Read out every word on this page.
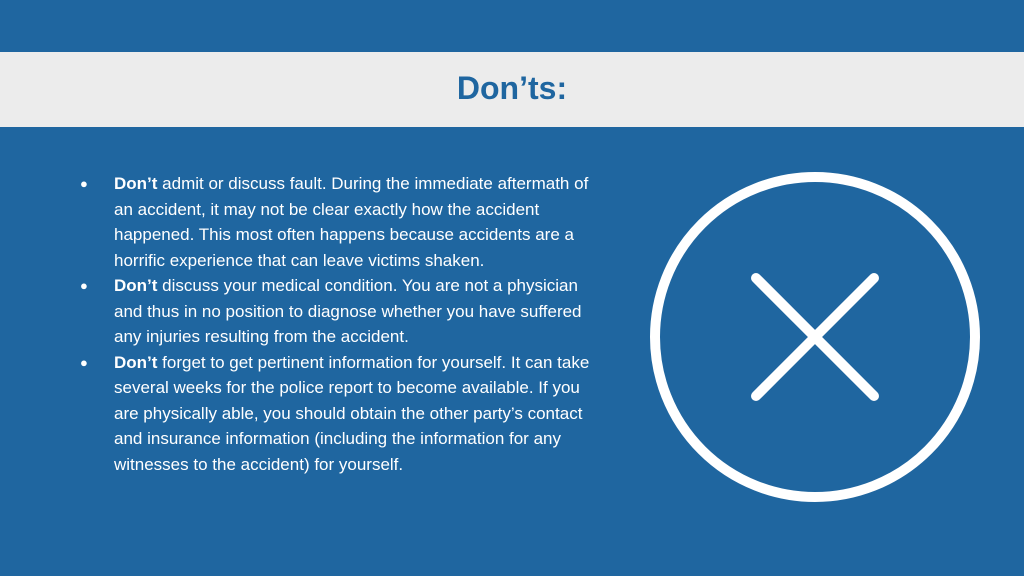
Don’ts:
● Don’t admit or discuss fault. During the immediate aftermath of an accident, it may not be clear exactly how the accident happened. This most often happens because accidents are a horrific experience that can leave victims shaken.
● Don’t discuss your medical condition. You are not a physician and thus in no position to diagnose whether you have suffered any injuries resulting from the accident.
● Don’t forget to get pertinent information for yourself. It can take several weeks for the police report to become available. If you are physically able, you should obtain the other party’s contact and insurance information (including the information for any witnesses to the accident) for yourself.
